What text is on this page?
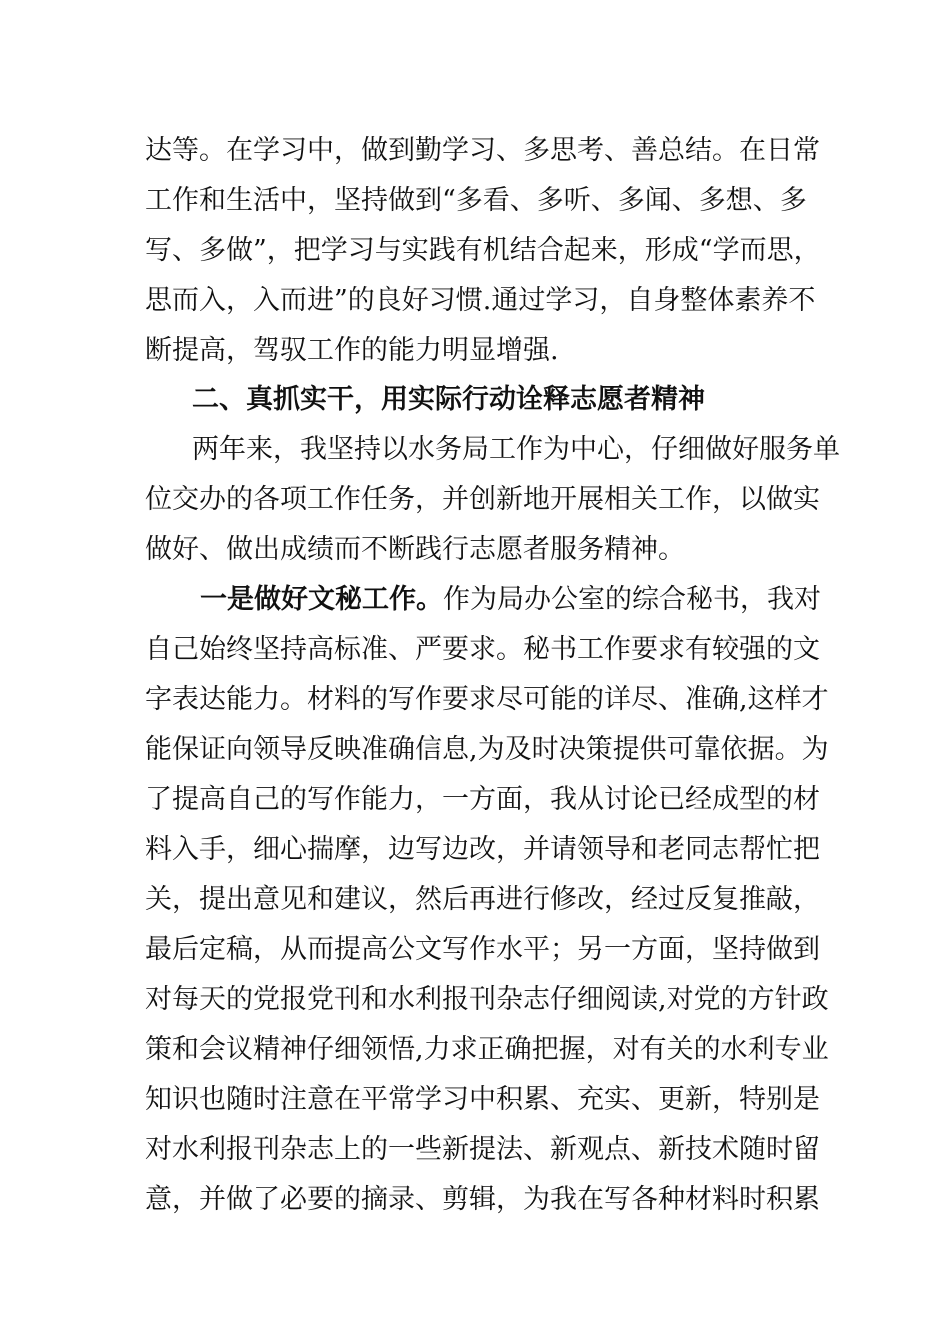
达等。在学习中，做到勤学习、多思考、善总结。在日常
工作和生活中，坚持做到“多看、多听、多闻、多想、多
写、多做”，把学习与实践有机结合起来，形成“学而思，
思而入，入而进”的良好习惯.通过学习，自身整体素养不
断提高，驾驭工作的能力明显增强.
二、真抓实干，用实际行动诠释志愿者精神
两年来，我坚持以水务局工作为中心，仔细做好服务单
位交办的各项工作任务，并创新地开展相关工作，以做实
做好、做出成绩而不断践行志愿者服务精神。
一是做好文秘工作。作为局办公室的综合秘书，我对
自己始终坚持高标准、严要求。秘书工作要求有较强的文
字表达能力。材料的写作要求尽可能的详尽、准确,这样才
能保证向领导反映准确信息,为及时决策提供可靠依据。为
了提高自己的写作能力，一方面，我从讨论已经成型的材
料入手，细心揣摩，边写边改，并请领导和老同志帮忙把
关，提出意见和建议，然后再进行修改，经过反复推敲，
最后定稿，从而提高公文写作水平；另一方面，坚持做到
对每天的党报党刊和水利报刊杂志仔细阅读,对党的方针政
策和会议精神仔细领悟,力求正确把握，对有关的水利专业
知识也随时注意在平常学习中积累、充实、更新，特别是
对水利报刊杂志上的一些新提法、新观点、新技术随时留
意，并做了必要的摘录、剪辑，为我在写各种材料时积累
